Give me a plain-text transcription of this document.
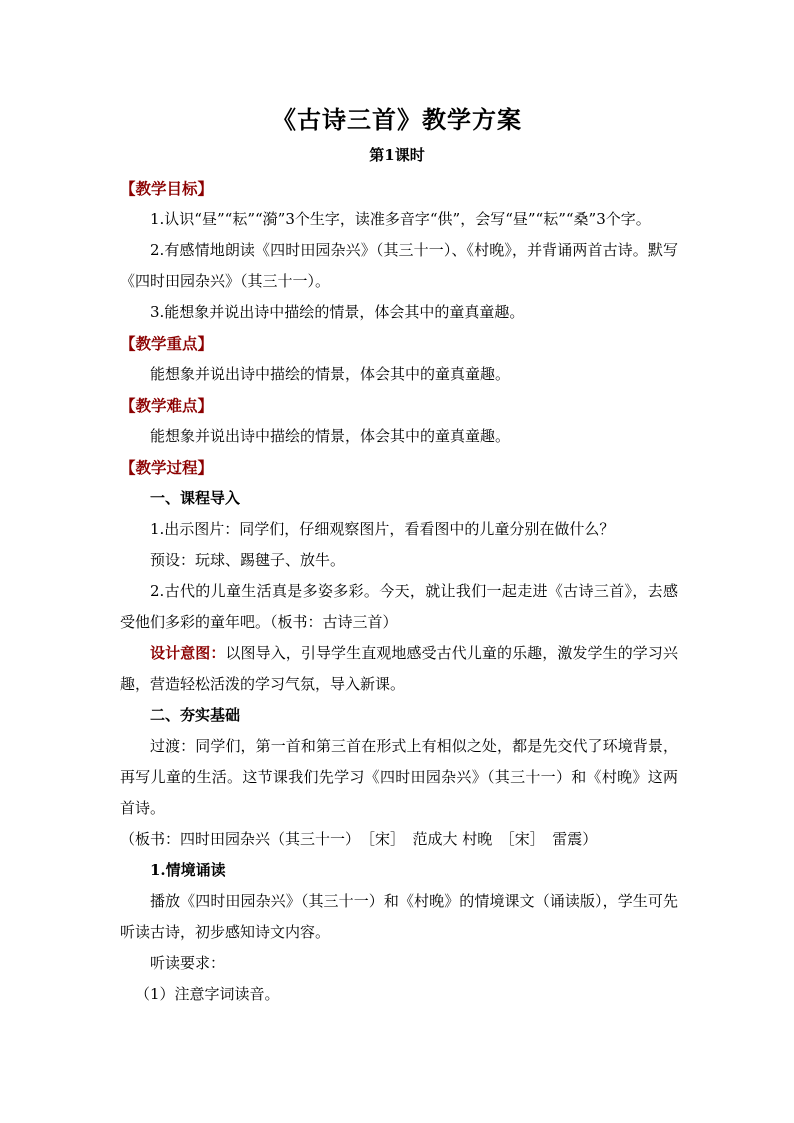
《古诗三首》教学方案
第1课时

【教学目标】

1.认识“昼”“耘”“漪”3个生字，读准多音字“供”，会写“昼”“耘”“桑”3个字。

2.有感情地朗读《四时田园杂兴》（其三十一）、《村晚》，并背诵两首古诗。默写《四时田园杂兴》（其三十一）。

3.能想象并说出诗中描绘的情景，体会其中的童真童趣。

【教学重点】

能想象并说出诗中描绘的情景，体会其中的童真童趣。

【教学难点】

能想象并说出诗中描绘的情景，体会其中的童真童趣。

【教学过程】

一、课程导入

1.出示图片：同学们，仔细观察图片，看看图中的儿童分别在做什么？

预设：玩球、踢毽子、放牛。

2.古代的儿童生活真是多姿多彩。今天，就让我们一起走进《古诗三首》，去感受他们多彩的童年吧。（板书：古诗三首）

设计意图：以图导入，引导学生直观地感受古代儿童的乐趣，激发学生的学习兴趣，营造轻松活泼的学习气氛，导入新课。

二、夯实基础

过渡：同学们，第一首和第三首在形式上有相似之处，都是先交代了环境背景，再写儿童的生活。这节课我们先学习《四时田园杂兴》（其三十一）和《村晚》这两首诗。

（板书：四时田园杂兴（其三十一）　［宋］　范成大 村晚　［宋］　雷震）

1.情境诵读

播放《四时田园杂兴》（其三十一）和《村晚》的情境课文（诵读版），学生可先听读古诗，初步感知诗文内容。

听读要求：

（1）注意字词读音。
